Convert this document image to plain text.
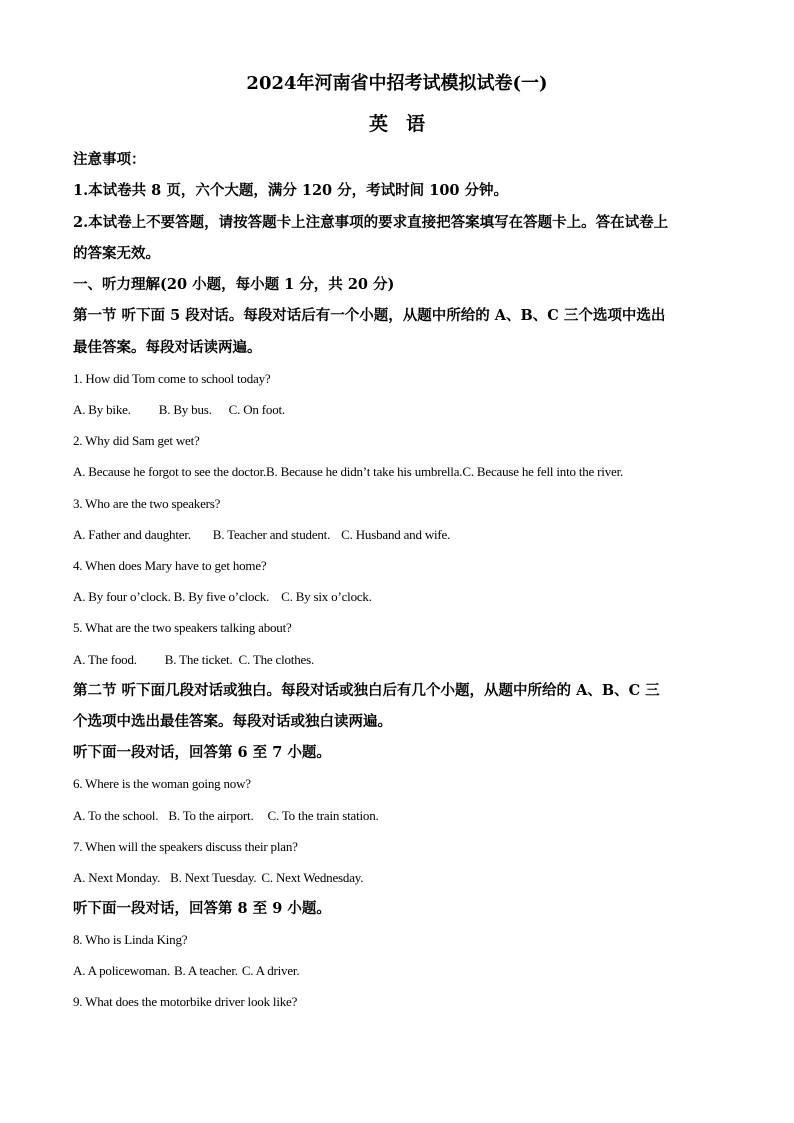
2024年河南省中招考试模拟试卷(一)
英语
注意事项：
1.本试卷共 8 页，六个大题，满分 120 分，考试时间 100 分钟。
2.本试卷上不要答题，请按答题卡上注意事项的要求直接把答案填写在答题卡上。答在试卷上
的答案无效。
一、听力理解(20 小题，每小题 1 分，共 20 分)
第一节 听下面 5 段对话。每段对话后有一个小题，从题中所给的 A、B、C 三个选项中选出
最佳答案。每段对话读两遍。
1. How did Tom come to school today?
A. By bike. B. By bus. C. On foot.
2. Why did Sam get wet?
A. Because he forgot to see the doctor.B. Because he didn’t take his umbrella.C. Because he fell into the river.
3. Who are the two speakers?
A. Father and daughter. B. Teacher and student. C. Husband and wife.
4. When does Mary have to get home?
A. By four o’clock. B. By five o’clock. C. By six o’clock.
5. What are the two speakers talking about?
A. The food. B. The ticket. C. The clothes.
第二节 听下面几段对话或独白。每段对话或独白后有几个小题，从题中所给的 A、B、C 三
个选项中选出最佳答案。每段对话或独白读两遍。
听下面一段对话，回答第 6 至 7 小题。
6. Where is the woman going now?
A. To the school. B. To the airport. C. To the train station.
7. When will the speakers discuss their plan?
A. Next Monday. B. Next Tuesday. C. Next Wednesday.
听下面一段对话，回答第 8 至 9 小题。
8. Who is Linda King?
A. A policewoman. B. A teacher. C. A driver.
9. What does the motorbike driver look like?
